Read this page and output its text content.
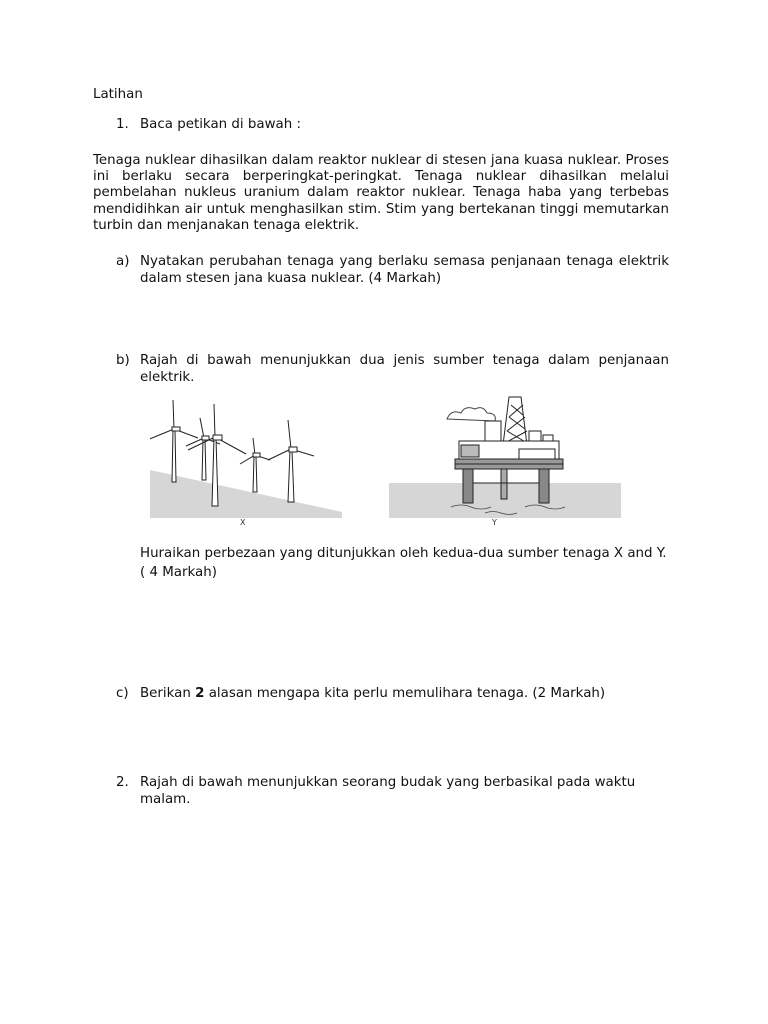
Latihan
1. Baca petikan di bawah :
Tenaga nuklear dihasilkan dalam reaktor nuklear di stesen jana kuasa nuklear. Proses ini berlaku secara berperingkat-peringkat. Tenaga nuklear dihasilkan melalui pembelahan nukleus uranium dalam reaktor nuklear. Tenaga haba yang terbebas mendidihkan air untuk menghasilkan stim. Stim yang bertekanan tinggi memutarkan turbin dan menjanakan tenaga elektrik.
a) Nyatakan perubahan tenaga yang berlaku semasa penjanaan tenaga elektrik dalam stesen jana kuasa nuklear. (4 Markah)
b) Rajah di bawah menunjukkan dua jenis sumber tenaga dalam penjanaan elektrik.
X	Y
Huraikan perbezaan yang ditunjukkan oleh kedua-dua sumber tenaga X and Y. ( 4 Markah)
c) Berikan 2 alasan mengapa kita perlu memulihara tenaga. (2 Markah)
2. Rajah di bawah menunjukkan seorang budak yang berbasikal pada waktu malam.
